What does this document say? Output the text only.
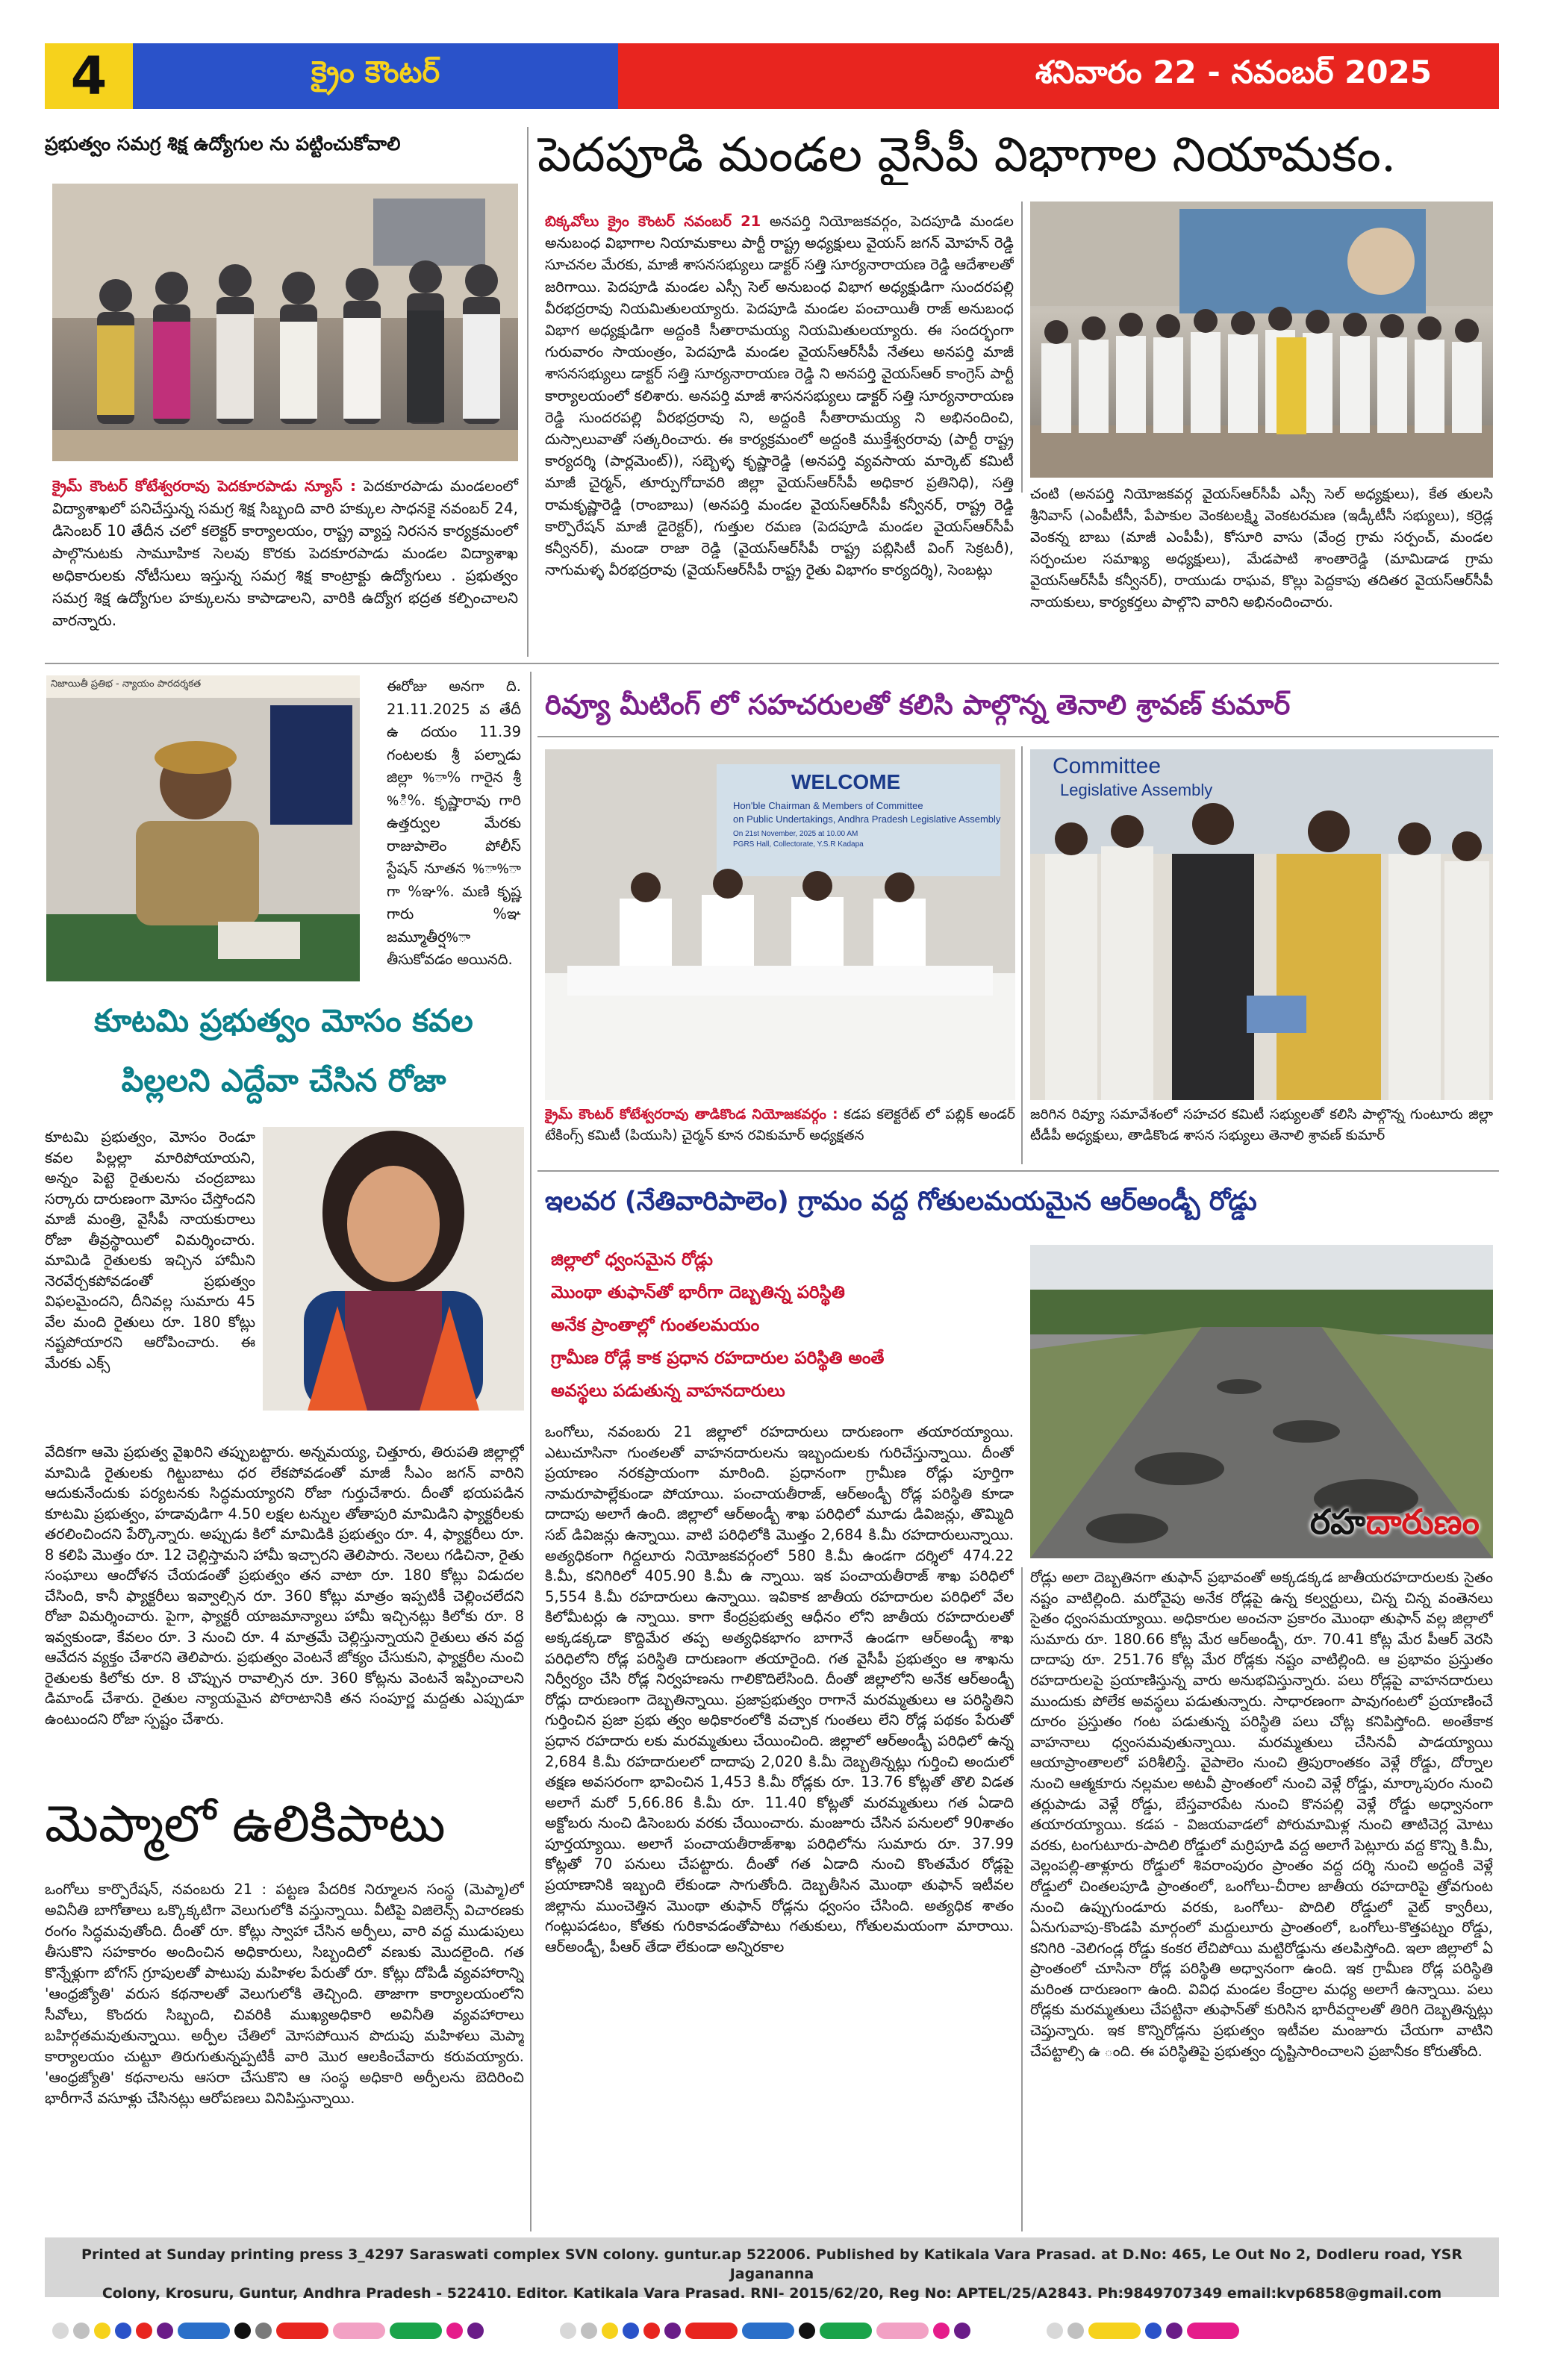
4	క్రైం కౌంటర్	శనివారం 22 - నవంబర్ 2025
ప్రభుత్వం సమగ్ర శిక్ష ఉద్యోగుల ను పట్టించుకోవాలి
క్రైమ్ కౌంటర్ కోటేశ్వరరావు పెదకూరపాడు న్యూస్ : పెదకూరపాడు మండలంలో విద్యాశాఖలో పనిచేస్తున్న సమగ్ర శిక్ష సిబ్బంది వారి హక్కుల సాధనకై నవంబర్ 24, డిసెంబర్ 10 తేదీన చలో కలెక్టర్ కార్యాలయం, రాష్ట్ర వ్యాప్త నిరసన కార్యక్రమంలో పాల్గొనుటకు సామూహిక సెలవు కొరకు పెదకూరపాడు మండల విద్యాశాఖ అధికారులకు నోటీసులు ఇస్తున్న సమగ్ర శిక్ష కాంట్రాక్టు ఉద్యోగులు . ప్రభుత్వం సమగ్ర శిక్ష ఉద్యోగుల హక్కులను కాపాడాలని, వారికి ఉద్యోగ భద్రత కల్పించాలని వారన్నారు.
పెదపూడి మండల వైసీపీ విభాగాల నియామకం.
బిక్కవోలు క్రైం కౌంటర్ నవంబర్ 21 అనపర్తి నియోజకవర్గం, పెదపూడి మండల అనుబంధ విభాగాల నియామకాలు పార్టీ రాష్ట్ర అధ్యక్షులు వైయస్ జగన్ మోహన్ రెడ్డి సూచనల మేరకు, మాజీ శాసనసభ్యులు డాక్టర్ సత్తి సూర్యనారాయణ రెడ్డి ఆదేశాలతో జరిగాయి. పెదపూడి మండల ఎస్సీ సెల్ అనుబంధ విభాగ అధ్యక్షుడిగా సుందరపల్లి వీరభద్రరావు నియమితులయ్యారు. పెదపూడి మండల పంచాయితీ రాజ్ అనుబంధ విభాగ అధ్యక్షుడిగా అద్దంకి సీతారామయ్య నియమితులయ్యారు. ఈ సందర్భంగా గురువారం సాయంత్రం, పెదపూడి మండల వైయస్ఆర్‌సీపీ నేతలు అనపర్తి మాజీ శాసనసభ్యులు డాక్టర్ సత్తి సూర్యనారాయణ రెడ్డి ని అనపర్తి వైయస్ఆర్ కాంగ్రెస్ పార్టీ కార్యాలయంలో కలిశారు. అనపర్తి మాజీ శాసనసభ్యులు డాక్టర్ సత్తి సూర్యనారాయణ రెడ్డి సుందరపల్లి వీరభద్రరావు ని, అద్దంకి సీతారామయ్య ని అభినందించి, దుస్సాలువాతో సత్కరించారు. ఈ కార్యక్రమంలో అద్దంకి ముక్తేశ్వరరావు (పార్టీ రాష్ట్ర కార్యదర్శి (పార్లమెంట్)), సబ్బెళ్ళ కృష్ణారెడ్డి (అనపర్తి వ్యవసాయ మార్కెట్ కమిటీ మాజీ చైర్మన్, తూర్పుగోదావరి జిల్లా వైయస్ఆర్‌సీపీ అధికార ప్రతినిధి), సత్తి రామకృష్ణారెడ్డి (రాంబాబు) (అనపర్తి మండల వైయస్ఆర్‌సీపీ కన్వీనర్, రాష్ట్ర రెడ్డి కార్పొరేషన్ మాజీ డైరెక్టర్), గుత్తుల రమణ (పెదపూడి మండల వైయస్ఆర్‌సీపీ కన్వీనర్), మండా రాజా రెడ్డి (వైయస్ఆర్‌సీపీ రాష్ట్ర పబ్లిసిటీ వింగ్ సెక్రటరీ), నాగుమళ్ళ వీరభద్రరావు (వైయస్ఆర్‌సీపీ రాష్ట్ర రైతు విభాగం కార్యదర్శి), సెంబట్లు
చంటి (అనపర్తి నియోజకవర్గ వైయస్ఆర్‌సీపీ ఎస్సీ సెల్ అధ్యక్షులు), కేత తులసి శ్రీనివాస్ (ఎంపీటీసీ, పేపాకుల వెంకటలక్ష్మి వెంకటరమణ (ఇడ్కీటీసీ సభ్యులు), కర్రెడ్ల వెంకన్న బాబు (మాజీ ఎంపీపీ), కోసూరి వాసు (వేంద్ర గ్రామ సర్పంచ్, మండల సర్పంచుల సమాఖ్య అధ్యక్షులు), మేడపాటి శాంతారెడ్డి (మామిడాడ గ్రామ వైయస్ఆర్‌సీపీ కన్వీనర్), రాయుడు రాఘవ, కొల్లు పెద్దకాపు తదితర వైయస్ఆర్‌సీపీ నాయకులు, కార్యకర్తలు పాల్గొని వారిని అభినందించారు.
నిజాయితీ ప్రతిభ - న్యాయం పారదర్శకత	ఈరోజు అనగా ది. 21.11.2025 వ తేదీ ఉ దయం 11.39 గంటలకు శ్రీ పల్నాడు జిల్లా %ా% గారైన శ్రీ %ి%. కృష్ణారావు గారి ఉత్తర్వుల మేరకు రాజుపాలెం పోలీస్ స్టేషన్ నూతన %ా%ా గా %ఞ%. మణి కృష్ణ గారు %ఞ జమ్మూతీర్ష%ా తీసుకోవడం అయినది.
కూటమి ప్రభుత్వం మోసం కవల
పిల్లలని ఎద్దేవా చేసిన రోజా
కూటమి ప్రభుత్వం, మోసం రెండూ కవల పిల్లల్లా మారిపోయాయని, అన్నం పెట్టె రైతులను చంద్రబాబు సర్కారు దారుణంగా మోసం చేస్తోందని మాజీ మంత్రి, వైసీపీ నాయకురాలు రోజా తీవ్రస్థాయిలో విమర్శించారు. మామిడి రైతులకు ఇచ్చిన హామీని నెరవేర్చకపోవడంతో ప్రభుత్వం విఫలమైందని, దీనివల్ల సుమారు 45 వేల మంది రైతులు రూ. 180 కోట్లు నష్టపోయారని ఆరోపించారు. ఈ మేరకు ఎక్స్
వేదికగా ఆమె ప్రభుత్వ వైఖరిని తప్పుబట్టారు. అన్నమయ్య, చిత్తూరు, తిరుపతి జిల్లాల్లో మామిడి రైతులకు గిట్టుబాటు ధర లేకపోవడంతో మాజీ సీఎం జగన్ వారిని ఆదుకునేందుకు పర్యటనకు సిద్ధమయ్యారని రోజా గుర్తుచేశారు. దీంతో భయపడిన కూటమి ప్రభుత్వం, హడావుడిగా 4.50 లక్షల టన్నుల తోతాపురి మామిడిని ఫ్యాక్టరీలకు తరలించిందని పేర్కొన్నారు. అప్పుడు కిలో మామిడికి ప్రభుత్వం రూ. 4, ఫ్యాక్టరీలు రూ. 8 కలిపి మొత్తం రూ. 12 చెల్లిస్తామని హామీ ఇచ్చారని తెలిపారు. నెలలు గడిచినా, రైతు సంఘాలు ఆందోళన చేయడంతో ప్రభుత్వం తన వాటా రూ. 180 కోట్లు విడుదల చేసింది, కానీ ఫ్యాక్టరీలు ఇవ్వాల్సిన రూ. 360 కోట్లు మాత్రం ఇప్పటికీ చెల్లించలేదని రోజా విమర్శించారు. పైగా, ఫ్యాక్టరీ యాజమాన్యాలు హామీ ఇచ్చినట్లు కిలోకు రూ. 8 ఇవ్వకుండా, కేవలం రూ. 3 నుంచి రూ. 4 మాత్రమే చెల్లిస్తున్నాయని రైతులు తన వద్ద ఆవేదన వ్యక్తం చేశారని తెలిపారు. ప్రభుత్వం వెంటనే జోక్యం చేసుకుని, ఫ్యాక్టరీల నుంచి రైతులకు కిలోకు రూ. 8 చొప్పున రావాల్సిన రూ. 360 కోట్లను వెంటనే ఇప్పించాలని డిమాండ్ చేశారు. రైతుల న్యాయమైన పోరాటానికి తన సంపూర్ణ మద్దతు ఎప్పుడూ ఉంటుందని రోజా స్పష్టం చేశారు.
మెప్మాలో ఉలికిపాటు
ఒంగోలు కార్పొరేషన్, నవంబరు 21 : పట్టణ పేదరిక నిర్మూలన సంస్థ (మెప్మా)లో అవినీతి బాగోతాలు ఒక్కొక్కటిగా వెలుగులోకి వస్తున్నాయి. వీటిపై విజిలెన్స్ విచారణకు రంగం సిద్ధమవుతోంది. దీంతో రూ. కోట్లు స్వాహా చేసిన అర్పీలు, వారి వద్ద ముడుపులు తీసుకొని సహకారం అందించిన అధికారులు, సిబ్బందిలో వణుకు మొదలైంది. గత కొన్నేళ్లుగా బోగస్ గ్రూపులతో పాటుపు మహిళల పేరుతో రూ. కోట్లు దోపిడీ వ్యవహారాన్ని 'ఆంధ్రజ్యోతి' వరుస కథనాలతో వెలుగులోకి తెచ్చింది. తాజాగా కార్యాలయంలోని సీవోలు, కొందరు సిబ్బంది, చివరికి ముఖ్యఅధికారి అవినీతి వ్యవహారాలు బహిర్గతమవుతున్నాయి. అర్పీల చేతిలో మోసపోయిన పొదుపు మహిళలు మెప్మా కార్యాలయం చుట్టూ తిరుగుతున్నప్పటికీ వారి మొర ఆలకించేవారు కరువయ్యారు. 'ఆంధ్రజ్యోతి' కథనాలను ఆసరా చేసుకొని ఆ సంస్థ అధికారి అర్పీలను బెదిరించి భారీగానే వసూళ్లు చేసినట్లు ఆరోపణలు వినిపిస్తున్నాయి.
రివ్యూ మీటింగ్ లో సహచరులతో కలిసి పాల్గొన్న తెనాలి శ్రావణ్ కుమార్
WELCOME
Hon'ble Chairman & Members of Committee
on Public Undertakings, Andhra Pradesh Legislative Assembly
On 21st November, 2025 at 10.00 AM
PGRS Hall, Collectorate, Y.S.R Kadapa
క్రైమ్ కౌంటర్ కోటేశ్వరరావు తాడికొండ నియోజకవర్గం : కడప కలెక్టరేట్ లో పబ్లిక్ అండర్ టేకింగ్స్ కమిటీ (పియుసి) చైర్మన్ కూన రవికుమార్ అధ్యక్షతన
Committee
Legislative Assembly
జరిగిన రివ్యూ సమావేశంలో సహచర కమిటీ సభ్యులతో కలిసి పాల్గొన్న గుంటూరు జిల్లా టీడీపీ అధ్యక్షులు, తాడికొండ శాసన సభ్యులు తెనాలి శ్రావణ్ కుమార్
ఇలవర (నేతివారిపాలెం) గ్రామం వద్ద గోతులమయమైన ఆర్అండ్బీ రోడ్డు
జిల్లాలో ధ్వంసమైన రోడ్లు
మొంథా తుఫాన్‌తో భారీగా దెబ్బతిన్న పరిస్థితి
అనేక ప్రాంతాల్లో గుంతలమయం
గ్రామీణ రోడ్లే కాక ప్రధాన రహదారుల పరిస్థితి అంతే
అవస్థలు పడుతున్న వాహనదారులు
రహదారుణం
ఒంగోలు, నవంబరు 21 జిల్లాలో రహదారులు దారుణంగా తయారయ్యాయి. ఎటుచూసినా గుంతలతో వాహనదారులను ఇబ్బందులకు గురిచేస్తున్నాయి. దీంతో ప్రయాణం నరకప్రాయంగా మారింది. ప్రధానంగా గ్రామీణ రోడ్లు పూర్తిగా నామరూపాల్లేకుండా పోయాయి. పంచాయతీరాజ్, ఆర్అండ్బీ రోడ్ల పరిస్థితి కూడా దాదాపు అలాగే ఉంది. జిల్లాలో ఆర్అండ్బీ శాఖ పరిధిలో మూడు డివిజన్లు, తొమ్మిది సబ్ డివిజన్లు ఉన్నాయి. వాటి పరిధిలోకి మొత్తం 2,684 కి.మీ రహదారులున్నాయి. అత్యధికంగా గిద్దలూరు నియోజకవర్గంలో 580 కి.మీ ఉండగా దర్శిలో 474.22 కి.మీ, కనిగిరిలో 405.90 కి.మీ ఉ న్నాయి. ఇక పంచాయతీరాజ్ శాఖ పరిధిలో 5,554 కి.మీ రహదారులు ఉన్నాయి. ఇవికాక జాతీయ రహదారుల పరిధిలో వేల కిలోమీటర్లు ఉ న్నాయి. కాగా కేంద్రప్రభుత్వ ఆధీనం లోని జాతీయ రహదారులతో అక్కడక్కడా కొద్దిమేర తప్ప అత్యధికభాగం బాగానే ఉండగా ఆర్అండ్బీ శాఖ పరిధిలోని రోడ్ల పరిస్థితి దారుణంగా తయారైంది. గత వైసీపీ ప్రభుత్వం ఆ శాఖను నిర్వీర్యం చేసి రోడ్ల నిర్వహణను గాలికొదిలేసింది. దీంతో జిల్లాలోని అనేక ఆర్అండ్బీ రోడ్లు దారుణంగా దెబ్బతిన్నాయి. ప్రజాప్రభుత్వం రాగానే మరమ్మతులు ఆ పరిస్థితిని గుర్తించిన ప్రజా ప్రభు త్వం అధికారంలోకి వచ్చాక గుంతలు లేని రోడ్ల పథకం పేరుతో ప్రధాన రహదారు లకు మరమ్మతులు చేయించింది. జిల్లాలో ఆర్అండ్బీ పరిధిలో ఉన్న 2,684 కి.మీ రహదారులలో దాదాపు 2,020 కి.మీ దెబ్బతిన్నట్లు గుర్తించి అందులో తక్షణ అవసరంగా భావించిన 1,453 కి.మీ రోడ్లకు రూ. 13.76 కోట్లతో తొలి విడత అలాగే మరో 5,66.86 కి.మీ రూ. 11.40 కోట్లతో మరమ్మతులు గత ఏడాది అక్టోబరు నుంచి డిసెంబరు వరకు చేయించారు. మంజూరు చేసిన పనులలో 90శాతం పూర్తయ్యాయి. అలాగే పంచాయతీరాజ్‌శాఖ పరిధిలోను సుమారు రూ. 37.99 కోట్లతో 70 పనులు చేపట్టారు. దీంతో గత ఏడాది నుంచి కొంతమేర రోడ్లపై ప్రయాణానికి ఇబ్బంది లేకుండా సాగుతోంది. దెబ్బతీసిన మొంథా తుఫాన్ ఇటీవల జిల్లాను ముంచెత్తిన మొంథా తుఫాన్ రోడ్లను ధ్వంసం చేసింది. అత్యధిక శాతం గంట్లుపడటం, కోతకు గురికావడంతోపాటు గతుకులు, గోతులమయంగా మారాయి. ఆర్అండ్బీ, పీఆర్ తేడా లేకుండా అన్నిరకాల
రోడ్లు అలా దెబ్బతినగా తుఫాన్ ప్రభావంతో అక్కడక్కడ జాతీయరహదారులకు సైతం నష్టం వాటిల్లింది. మరోవైపు అనేక రోడ్లపై ఉన్న కల్వర్టులు, చిన్న చిన్న వంతెనలు సైతం ధ్వంసమయ్యాయి. అధికారుల అంచనా ప్రకారం మొంథా తుఫాన్ వల్ల జిల్లాలో సుమారు రూ. 180.66 కోట్ల మేర ఆర్అండ్బీ, రూ. 70.41 కోట్ల మేర పీఆర్ వెరసి దాదాపు రూ. 251.76 కోట్ల మేర రోడ్లకు నష్టం వాటిల్లింది. ఆ ప్రభావం ప్రస్తుతం రహదారులపై ప్రయాణిస్తున్న వారు అనుభవిస్తున్నారు. పలు రోడ్లపై వాహనదారులు ముందుకు పోలేక అవస్థలు పడుతున్నారు. సాధారణంగా పావుగంటలో ప్రయాణించే దూరం ప్రస్తుతం గంట పడుతున్న పరిస్థితి పలు చోట్ల కనిపిస్తోంది. అంతేకాక వాహనాలు ధ్వంసమవుతున్నాయి. మరమ్మతులు చేసినవీ పాడయ్యాయి ఆయాప్రాంతాలలో పరిశీలిస్తే. వైపాలెం నుంచి త్రిపురాంతకం వెళ్లే రోడ్డు, దోర్నాల నుంచి ఆత్మకూరు నల్లమల అటవీ ప్రాంతంలో నుంచి వెళ్లే రోడ్డు, మార్కాపురం నుంచి తర్లుపాడు వెళ్లే రోడ్డు, బేస్తవారపేట నుంచి కొనపల్లి వెళ్లే రోడ్డు అధ్వానంగా తయారయ్యాయి. కడప - విజయవాడలో పోరుమామిళ్ల నుంచి తాటిచెర్ల మోటు వరకు, టంగుటూరు-పాదిలి రోడ్డులో మర్రిపూడి వద్ద అలాగే పెట్లూరు వద్ద కొన్ని కి.మీ, వెల్లంపల్లి-తాళ్లూరు రోడ్డులో శివరాంపురం ప్రాంతం వద్ద దర్శి నుంచి అద్దంకి వెళ్లే రోడ్డులో చింతలపూడి ప్రాంతంలో, ఒంగోలు-చీరాల జాతీయ రహదారిపై త్రోవగుంట నుంచి ఉప్పుగుండూరు వరకు, ఒంగోలు- పొదిలి రోడ్డులో వైట్ క్వారీలు, ఏనుగువాపు-కొండపి మార్గంలో మద్దులూరు ప్రాంతంలో, ఒంగోలు-కొత్తపట్నం రోడ్డు, కనిగిరి -వెలిగండ్ల రోడ్డు కంకర లేచిపోయి మట్టిరోడ్డును తలపిస్తోంది. ఇలా జిల్లాలో ఏ ప్రాంతంలో చూసినా రోడ్ల పరిస్థితి అధ్వానంగా ఉంది. ఇక గ్రామీణ రోడ్ల పరిస్థితి మరింత దారుణంగా ఉంది. వివిధ మండల కేంద్రాల మధ్య అలాగే ఉన్నాయి. పలు రోడ్లకు మరమ్మతులు చేపట్టినా తుఫాన్‌తో కురిసిన భారీవర్షాలతో తిరిగి దెబ్బతిన్నట్లు చెప్తున్నారు. ఇక కొన్నిరోడ్లను ప్రభుత్వం ఇటీవల మంజూరు చేయగా వాటిని చేపట్టాల్సి ఉ ంది. ఈ పరిస్థితిపై ప్రభుత్వం దృష్టిసారించాలని ప్రజానీకం కోరుతోంది.
Printed at Sunday printing press 3_4297 Saraswati complex SVN colony. guntur.ap 522006. Published by Katikala Vara Prasad. at D.No: 465, Le Out No 2, Dodleru road, YSR Jagananna
Colony, Krosuru, Guntur, Andhra Pradesh - 522410. Editor. Katikala Vara Prasad. RNI- 2015/62/20, Reg No: APTEL/25/A2843. Ph:9849707349 email:kvp6858@gmail.com
